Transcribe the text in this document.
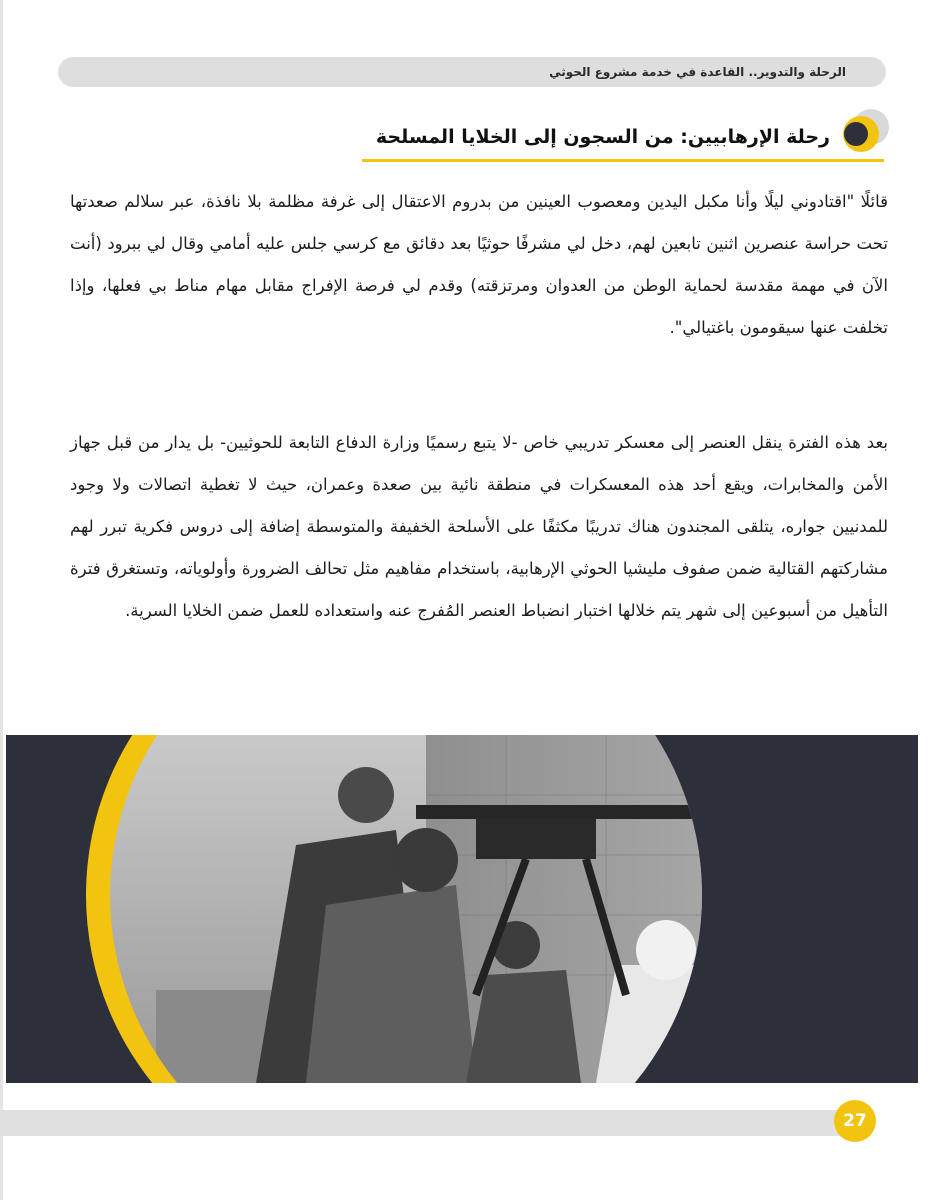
الرحلة والتدوير.. القاعدة في خدمة مشروع الحوثي
رحلة الإرهابيين: من السجون إلى الخلايا المسلحة

قائلًا "اقتادوني ليلًا وأنا مكبل اليدين ومعصوب العينين من بدروم الاعتقال إلى غرفة مظلمة بلا نافذة، عبر سلالم صعدتها تحت حراسة عنصرين اثنين تابعين لهم، دخل لي مشرفًا حوثيًا بعد دقائق مع كرسي جلس عليه أمامي وقال لي ببرود (أنت الآن في مهمة مقدسة لحماية الوطن من العدوان ومرتزقته) وقدم لي فرصة الإفراج مقابل مهام مناط بي فعلها، وإذا تخلفت عنها سيقومون باغتيالي".

بعد هذه الفترة ينقل العنصر إلى معسكر تدريبي خاص -لا يتبع رسميًا وزارة الدفاع التابعة للحوثيين- بل يدار من قبل جهاز الأمن والمخابرات، ويقع أحد هذه المعسكرات في منطقة نائية بين صعدة وعمران، حيث لا تغطية اتصالات ولا وجود للمدنيين جواره، يتلقى المجندون هناك تدريبًا مكثفًا على الأسلحة الخفيفة والمتوسطة إضافة إلى دروس فكرية تبرر لهم مشاركتهم القتالية ضمن صفوف مليشيا الحوثي الإرهابية، باستخدام مفاهيم مثل تحالف الضرورة وأولوياته، وتستغرق فترة التأهيل من أسبوعين إلى شهر يتم خلالها اختبار انضباط العنصر المُفرج عنه واستعداده للعمل ضمن الخلايا السرية.

27
